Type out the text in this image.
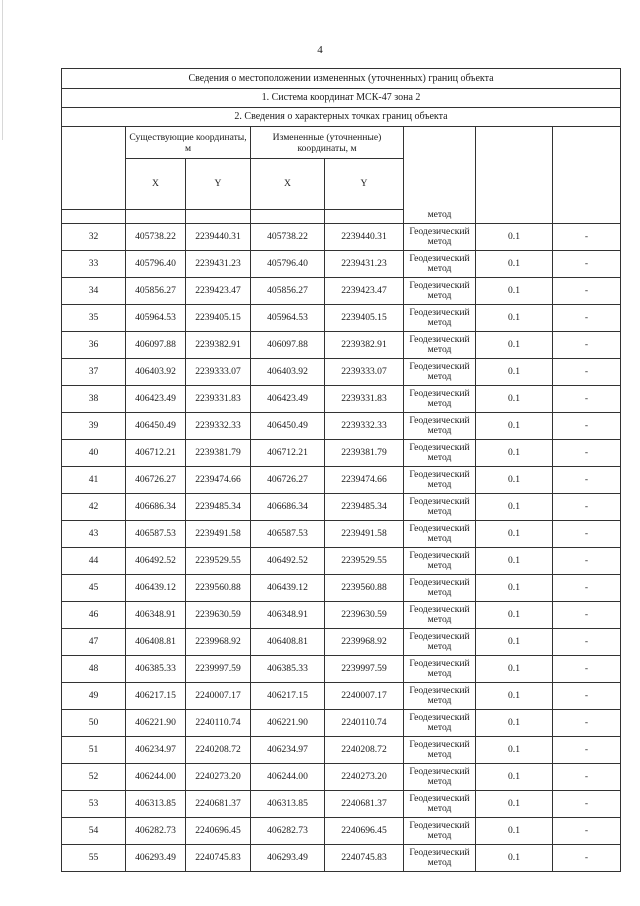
4
Сведения о местоположении измененных (уточненных) границ объекта							
1. Система координат МСК-47 зона 2							
2. Сведения о характерных точках границ объекта							
	Существующие координаты, м		Измененные (уточненные) координаты, м		метод		

	X	Y	X	Y			

32	405738.22	2239440.31	405738.22	2239440.31	Геодезический метод	0.1	-
33	405796.40	2239431.23	405796.40	2239431.23	Геодезический метод	0.1	-
34	405856.27	2239423.47	405856.27	2239423.47	Геодезический метод	0.1	-
35	405964.53	2239405.15	405964.53	2239405.15	Геодезический метод	0.1	-
36	406097.88	2239382.91	406097.88	2239382.91	Геодезический метод	0.1	-
37	406403.92	2239333.07	406403.92	2239333.07	Геодезический метод	0.1	-
38	406423.49	2239331.83	406423.49	2239331.83	Геодезический метод	0.1	-
39	406450.49	2239332.33	406450.49	2239332.33	Геодезический метод	0.1	-
40	406712.21	2239381.79	406712.21	2239381.79	Геодезический метод	0.1	-
41	406726.27	2239474.66	406726.27	2239474.66	Геодезический метод	0.1	-
42	406686.34	2239485.34	406686.34	2239485.34	Геодезический метод	0.1	-
43	406587.53	2239491.58	406587.53	2239491.58	Геодезический метод	0.1	-
44	406492.52	2239529.55	406492.52	2239529.55	Геодезический метод	0.1	-
45	406439.12	2239560.88	406439.12	2239560.88	Геодезический метод	0.1	-
46	406348.91	2239630.59	406348.91	2239630.59	Геодезический метод	0.1	-
47	406408.81	2239968.92	406408.81	2239968.92	Геодезический метод	0.1	-
48	406385.33	2239997.59	406385.33	2239997.59	Геодезический метод	0.1	-
49	406217.15	2240007.17	406217.15	2240007.17	Геодезический метод	0.1	-
50	406221.90	2240110.74	406221.90	2240110.74	Геодезический метод	0.1	-
51	406234.97	2240208.72	406234.97	2240208.72	Геодезический метод	0.1	-
52	406244.00	2240273.20	406244.00	2240273.20	Геодезический метод	0.1	-
53	406313.85	2240681.37	406313.85	2240681.37	Геодезический метод	0.1	-
54	406282.73	2240696.45	406282.73	2240696.45	Геодезический метод	0.1	-
55	406293.49	2240745.83	406293.49	2240745.83	Геодезический метод	0.1	-
